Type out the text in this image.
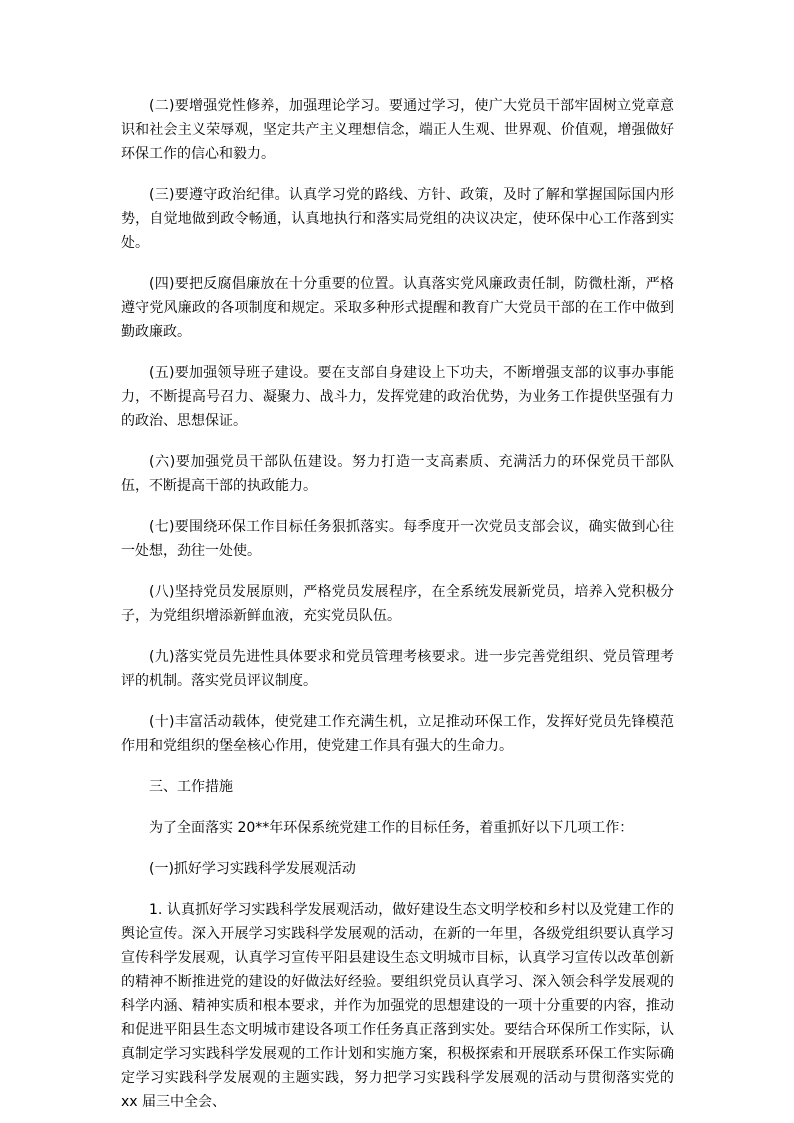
(二)要增强党性修养，加强理论学习。要通过学习，使广大党员干部牢固树立党章意识和社会主义荣辱观，坚定共产主义理想信念，端正人生观、世界观、价值观，增强做好环保工作的信心和毅力。

(三)要遵守政治纪律。认真学习党的路线、方针、政策，及时了解和掌握国际国内形势，自觉地做到政令畅通，认真地执行和落实局党组的决议决定，使环保中心工作落到实处。

(四)要把反腐倡廉放在十分重要的位置。认真落实党风廉政责任制，防微杜渐，严格遵守党风廉政的各项制度和规定。采取多种形式提醒和教育广大党员干部的在工作中做到勤政廉政。

(五)要加强领导班子建设。要在支部自身建设上下功夫，不断增强支部的议事办事能力，不断提高号召力、凝聚力、战斗力，发挥党建的政治优势，为业务工作提供坚强有力的政治、思想保证。

(六)要加强党员干部队伍建设。努力打造一支高素质、充满活力的环保党员干部队伍，不断提高干部的执政能力。

(七)要围绕环保工作目标任务狠抓落实。每季度开一次党员支部会议，确实做到心往一处想，劲往一处使。

(八)坚持党员发展原则，严格党员发展程序，在全系统发展新党员，培养入党积极分子，为党组织增添新鲜血液，充实党员队伍。

(九)落实党员先进性具体要求和党员管理考核要求。进一步完善党组织、党员管理考评的机制。落实党员评议制度。

(十)丰富活动载体，使党建工作充满生机，立足推动环保工作，发挥好党员先锋模范作用和党组织的堡垒核心作用，使党建工作具有强大的生命力。

三、工作措施

为了全面落实 20**年环保系统党建工作的目标任务，着重抓好以下几项工作：

(一)抓好学习实践科学发展观活动

1. 认真抓好学习实践科学发展观活动，做好建设生态文明学校和乡村以及党建工作的舆论宣传。深入开展学习实践科学发展观的活动，在新的一年里，各级党组织要认真学习宣传科学发展观，认真学习宣传平阳县建设生态文明城市目标，认真学习宣传以改革创新的精神不断推进党的建设的好做法好经验。要组织党员认真学习、深入领会科学发展观的科学内涵、精神实质和根本要求，并作为加强党的思想建设的一项十分重要的内容，推动和促进平阳县生态文明城市建设各项工作任务真正落到实处。要结合环保所工作实际，认真制定学习实践科学发展观的工作计划和实施方案，积极探索和开展联系环保工作实际确定学习实践科学发展观的主题实践，努力把学习实践科学发展观的活动与贯彻落实党的 xx 届三中全会、
